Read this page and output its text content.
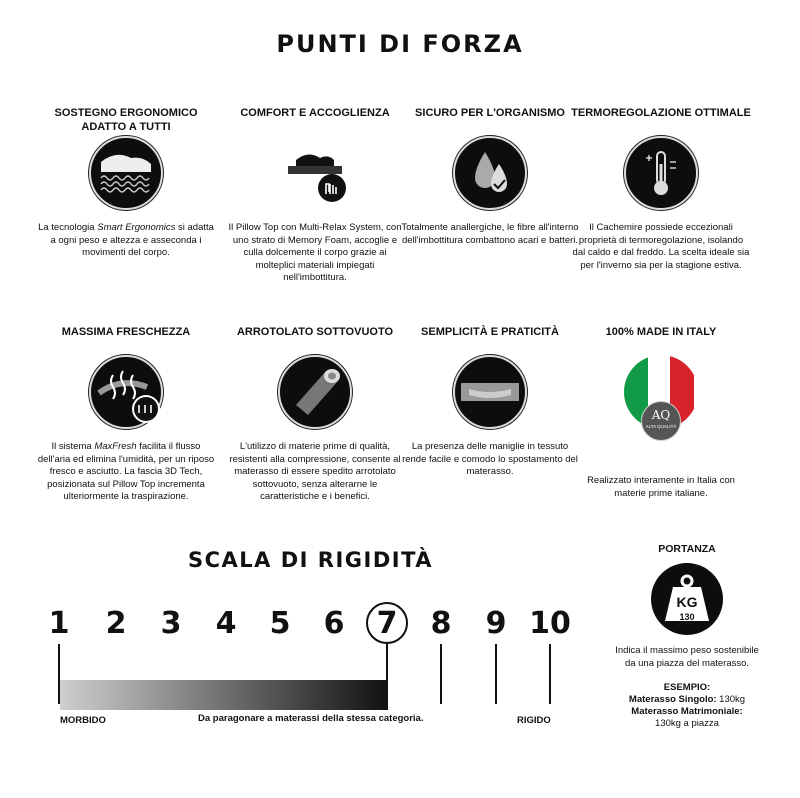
PUNTI DI FORZA
SOSTEGNO ERGONOMICO ADATTO A TUTTI
La tecnologia Smart Ergonomics si adatta a ogni peso e altezza e asseconda i movimenti del corpo.
COMFORT E ACCOGLIENZA
Il Pillow Top con Multi-Relax System, con uno strato di Memory Foam, accoglie e culla dolcemente il corpo grazie ai molteplici materiali impiegati nell'imbottitura.
SICURO PER L'ORGANISMO
Totalmente anallergiche, le fibre all'interno dell'imbottitura combattono acari e batteri.
TERMOREGOLAZIONE OTTIMALE
Il Cachemire possiede eccezionali proprietà di termoregolazione, isolando dal caldo e dal freddo. La scelta ideale sia per l'inverno sia per la stagione estiva.
MASSIMA FRESCHEZZA
Il sistema MaxFresh facilita il flusso dell'aria ed elimina l'umidità, per un riposo fresco e asciutto. La fascia 3D Tech, posizionata sul Pillow Top incrementa ulteriormente la traspirazione.
ARROTOLATO SOTTOVUOTO
L'utilizzo di materie prime di qualità, resistenti alla compressione, consente al materasso di essere spedito arrotolato sottovuoto, senza alterarne le caratteristiche e i benefici.
SEMPLICITÀ E PRATICITÀ
La presenza delle maniglie in tessuto rende facile e comodo lo spostamento del materasso.
100% MADE IN ITALY
AQ
ALTA QUALITÀ
Realizzato interamente in Italia con materie prime italiane.
SCALA DI RIGIDITÀ
1 2 3 4 5 6 7 8 9 10
MORBIDO	Da paragonare a materassi della stessa categoria.	RIGIDO
PORTANZA
KG
130
Indica il massimo peso sostenibile da una piazza del materasso.
ESEMPIO:
Materasso Singolo: 130kg
Materasso Matrimoniale:
130kg a piazza
